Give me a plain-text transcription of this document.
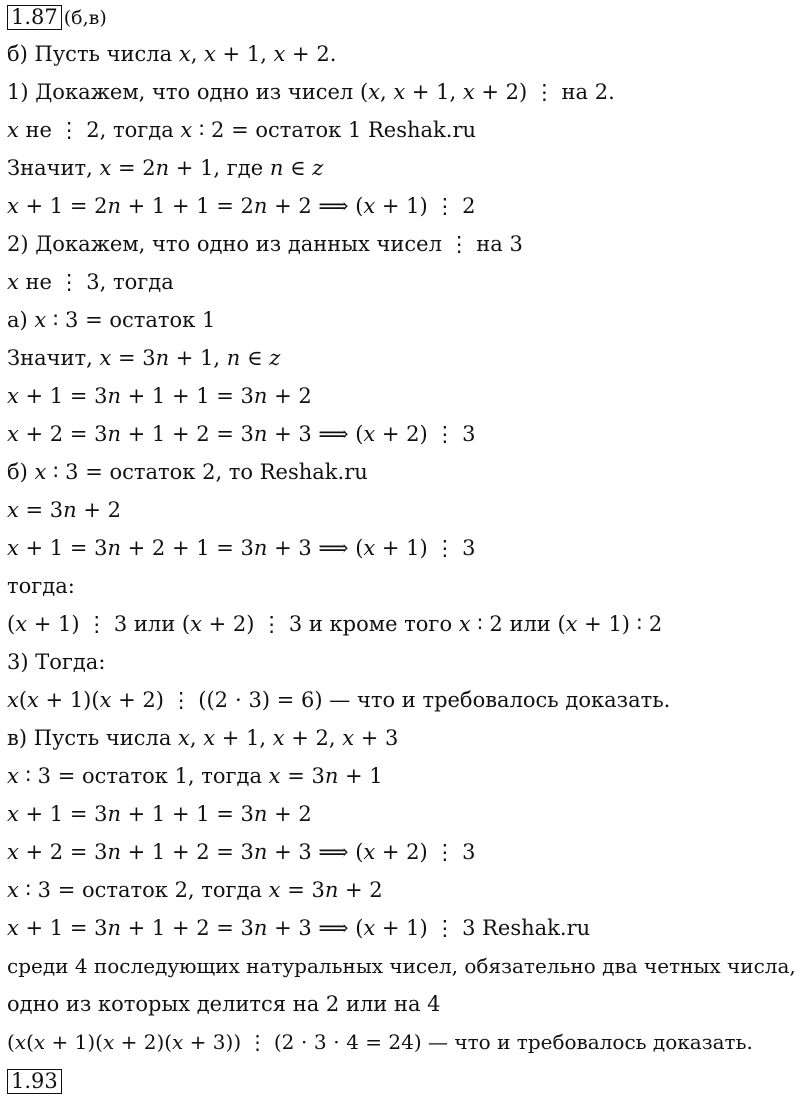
1.87 (б,в)
б) Пусть числа 𝑥, 𝑥 + 1, 𝑥 + 2.
1) Докажем, что одно из чисел (𝑥, 𝑥 + 1, 𝑥 + 2) ⋮ на 2.
𝑥 не ⋮ 2, тогда 𝑥 ∶ 2 = остаток 1 Reshak.ru
Значит, 𝑥 = 2𝑛 + 1, где 𝑛 ∈ 𝑧
𝑥 + 1 = 2𝑛 + 1 + 1 = 2𝑛 + 2 ⟹ (𝑥 + 1) ⋮ 2
2) Докажем, что одно из данных чисел ⋮ на 3
𝑥 не ⋮ 3, тогда
а) 𝑥 ∶ 3 = остаток 1
Значит, 𝑥 = 3𝑛 + 1, 𝑛 ∈ 𝑧
𝑥 + 1 = 3𝑛 + 1 + 1 = 3𝑛 + 2
𝑥 + 2 = 3𝑛 + 1 + 2 = 3𝑛 + 3 ⟹ (𝑥 + 2) ⋮ 3
б) 𝑥 ∶ 3 = остаток 2, то Reshak.ru
𝑥 = 3𝑛 + 2
𝑥 + 1 = 3𝑛 + 2 + 1 = 3𝑛 + 3 ⟹ (𝑥 + 1) ⋮ 3
тогда:
(𝑥 + 1) ⋮ 3 или (𝑥 + 2) ⋮ 3 и кроме того 𝑥 ∶ 2 или (𝑥 + 1) ∶ 2
3) Тогда:
𝑥(𝑥 + 1)(𝑥 + 2) ⋮ ((2 ⋅ 3) = 6) — что и требовалось доказать.
в) Пусть числа 𝑥, 𝑥 + 1, 𝑥 + 2, 𝑥 + 3
𝑥 ∶ 3 = остаток 1, тогда 𝑥 = 3𝑛 + 1
𝑥 + 1 = 3𝑛 + 1 + 1 = 3𝑛 + 2
𝑥 + 2 = 3𝑛 + 1 + 2 = 3𝑛 + 3 ⟹ (𝑥 + 2) ⋮ 3
𝑥 ∶ 3 = остаток 2, тогда 𝑥 = 3𝑛 + 2
𝑥 + 1 = 3𝑛 + 1 + 2 = 3𝑛 + 3 ⟹ (𝑥 + 1) ⋮ 3 Reshak.ru
среди 4 последующих натуральных чисел, обязательно два четных числа,
одно из которых делится на 2 или на 4
(𝑥(𝑥 + 1)(𝑥 + 2)(𝑥 + 3)) ⋮ (2 ⋅ 3 ⋅ 4 = 24) — что и требовалось доказать.
1.93
